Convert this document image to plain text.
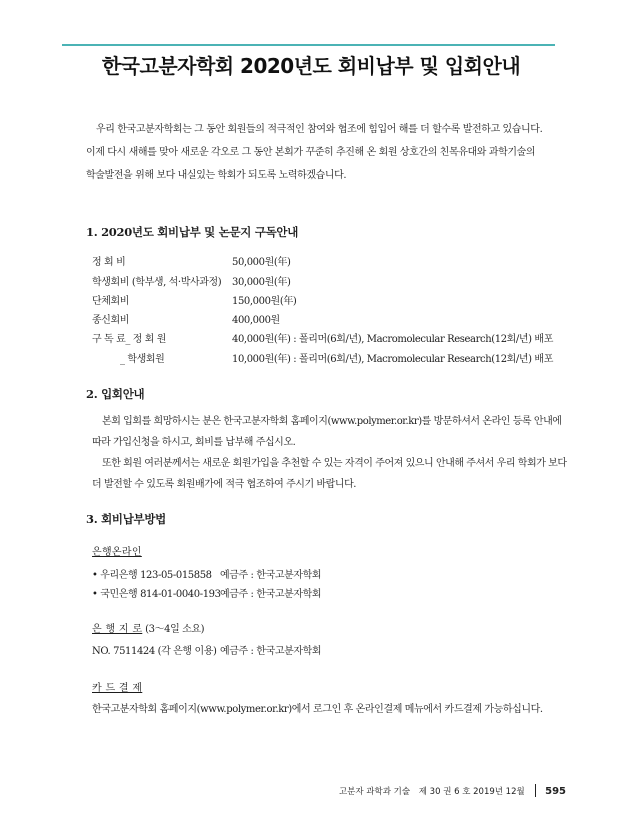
한국고분자학회 2020년도 회비납부 및 입회안내
우리 한국고분자학회는 그 동안 회원들의 적극적인 참여와 협조에 힘입어 해를 더 할수록 발전하고 있습니다.
이제 다시 새해를 맞아 새로운 각오로 그 동안 본회가 꾸준히 추진해 온 회원 상호간의 친목유대와 과학기술의
학술발전을 위해 보다 내실있는 학회가 되도록 노력하겠습니다.
1. 2020년도 회비납부 및 논문지 구독안내
정 회 비	50,000원(年)
학생회비 (학부생, 석·박사과정) 30,000원(年)
단체회비	150,000원(年)
종신회비	400,000원
구 독 료_ 정 회 원	40,000원(年) : 폴리머(6회/년), Macromolecular Research(12회/년) 배포
_ 학생회원	10,000원(年) : 폴리머(6회/년), Macromolecular Research(12회/년) 배포
2. 입회안내
본회 입회를 희망하시는 분은 한국고분자학회 홈페이지(www.polymer.or.kr)를 방문하셔서 온라인 등록 안내에
따라 가입신청을 하시고, 회비를 납부해 주십시오.
또한 회원 여러분께서는 새로운 회원가입을 추천할 수 있는 자격이 주어져 있으니 안내해 주셔서 우리 학회가 보다
더 발전할 수 있도록 회원배가에 적극 협조하여 주시기 바랍니다.
3. 회비납부방법
은행온라인
• 우리은행 123-05-015858 예금주 : 한국고분자학회
• 국민은행 814-01-0040-193 예금주 : 한국고분자학회
은 행 지 로 (3～4일 소요)
NO. 7511424 (각 은행 이용) 예금주 : 한국고분자학회
카 드 결 제
한국고분자학회 홈페이지(www.polymer.or.kr)에서 로그인 후 온라인결제 메뉴에서 카드결제 가능하십니다.
고분자 과학과 기술 제 30 권 6 호 2019년 12월 595
